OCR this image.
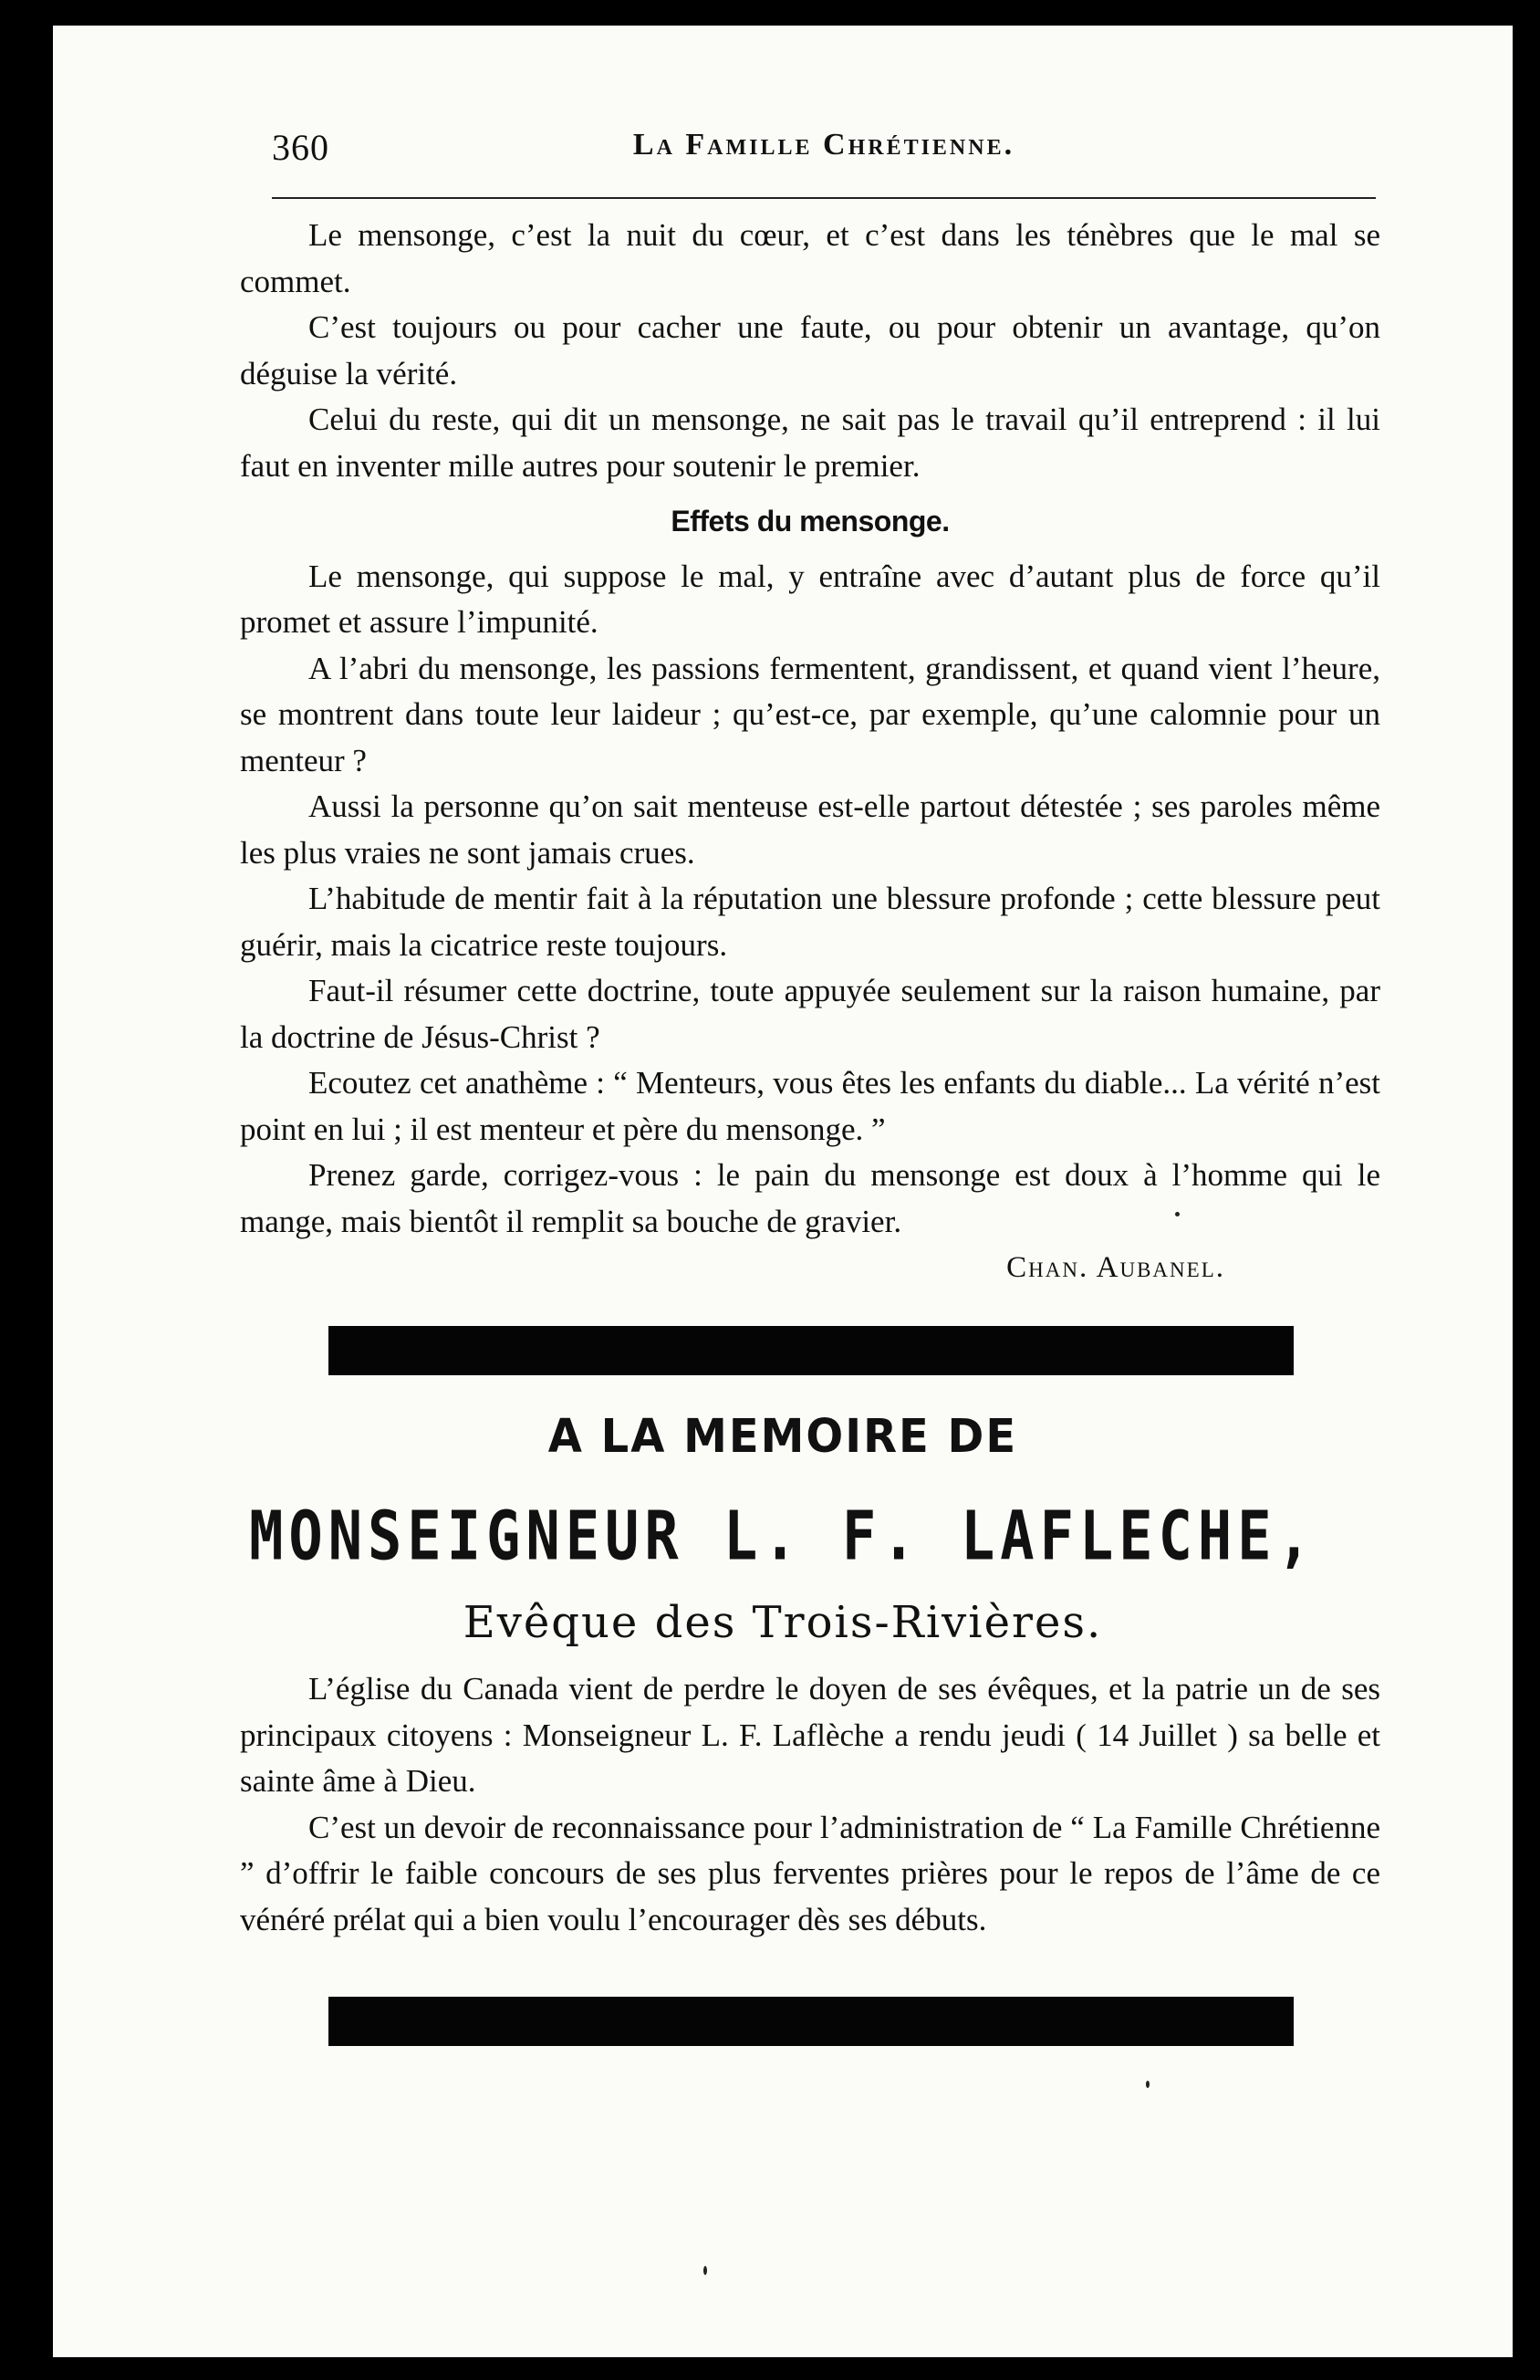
360	La Famille Chrétienne.

Le mensonge, c’est la nuit du cœur, et c’est dans les ténèbres que le mal se commet.

C’est toujours ou pour cacher une faute, ou pour obtenir un avantage, qu’on déguise la vérité.

Celui du reste, qui dit un mensonge, ne sait pas le travail qu’il entreprend : il lui faut en inventer mille autres pour soutenir le premier.

Effets du mensonge.

Le mensonge, qui suppose le mal, y entraîne avec d’autant plus de force qu’il promet et assure l’impunité.

A l’abri du mensonge, les passions fermentent, grandissent, et quand vient l’heure, se montrent dans toute leur laideur ; qu’est-ce, par exemple, qu’une calomnie pour un menteur ?

Aussi la personne qu’on sait menteuse est-elle partout détestée ; ses paroles même les plus vraies ne sont jamais crues.

L’habitude de mentir fait à la réputation une blessure profonde ; cette blessure peut guérir, mais la cicatrice reste toujours.

Faut-il résumer cette doctrine, toute appuyée seulement sur la raison humaine, par la doctrine de Jésus-Christ ?

Ecoutez cet anathème : “ Menteurs, vous êtes les enfants du diable... La vérité n’est point en lui ; il est menteur et père du mensonge. ”

Prenez garde, corrigez-vous : le pain du mensonge est doux à l’homme qui le mange, mais bientôt il remplit sa bouche de gravier.

Chan. Aubanel.
A LA MEMOIRE DE
MONSEIGNEUR L. F. LAFLECHE,
Evêque des Trois-Rivières.

L’église du Canada vient de perdre le doyen de ses évêques, et la patrie un de ses principaux citoyens : Monseigneur L. F. Laflèche a rendu jeudi ( 14 Juillet ) sa belle et sainte âme à Dieu.

C’est un devoir de reconnaissance pour l’administration de “ La Famille Chrétienne ” d’offrir le faible concours de ses plus ferventes prières pour le repos de l’âme de ce vénéré prélat qui a bien voulu l’encourager dès ses débuts.
